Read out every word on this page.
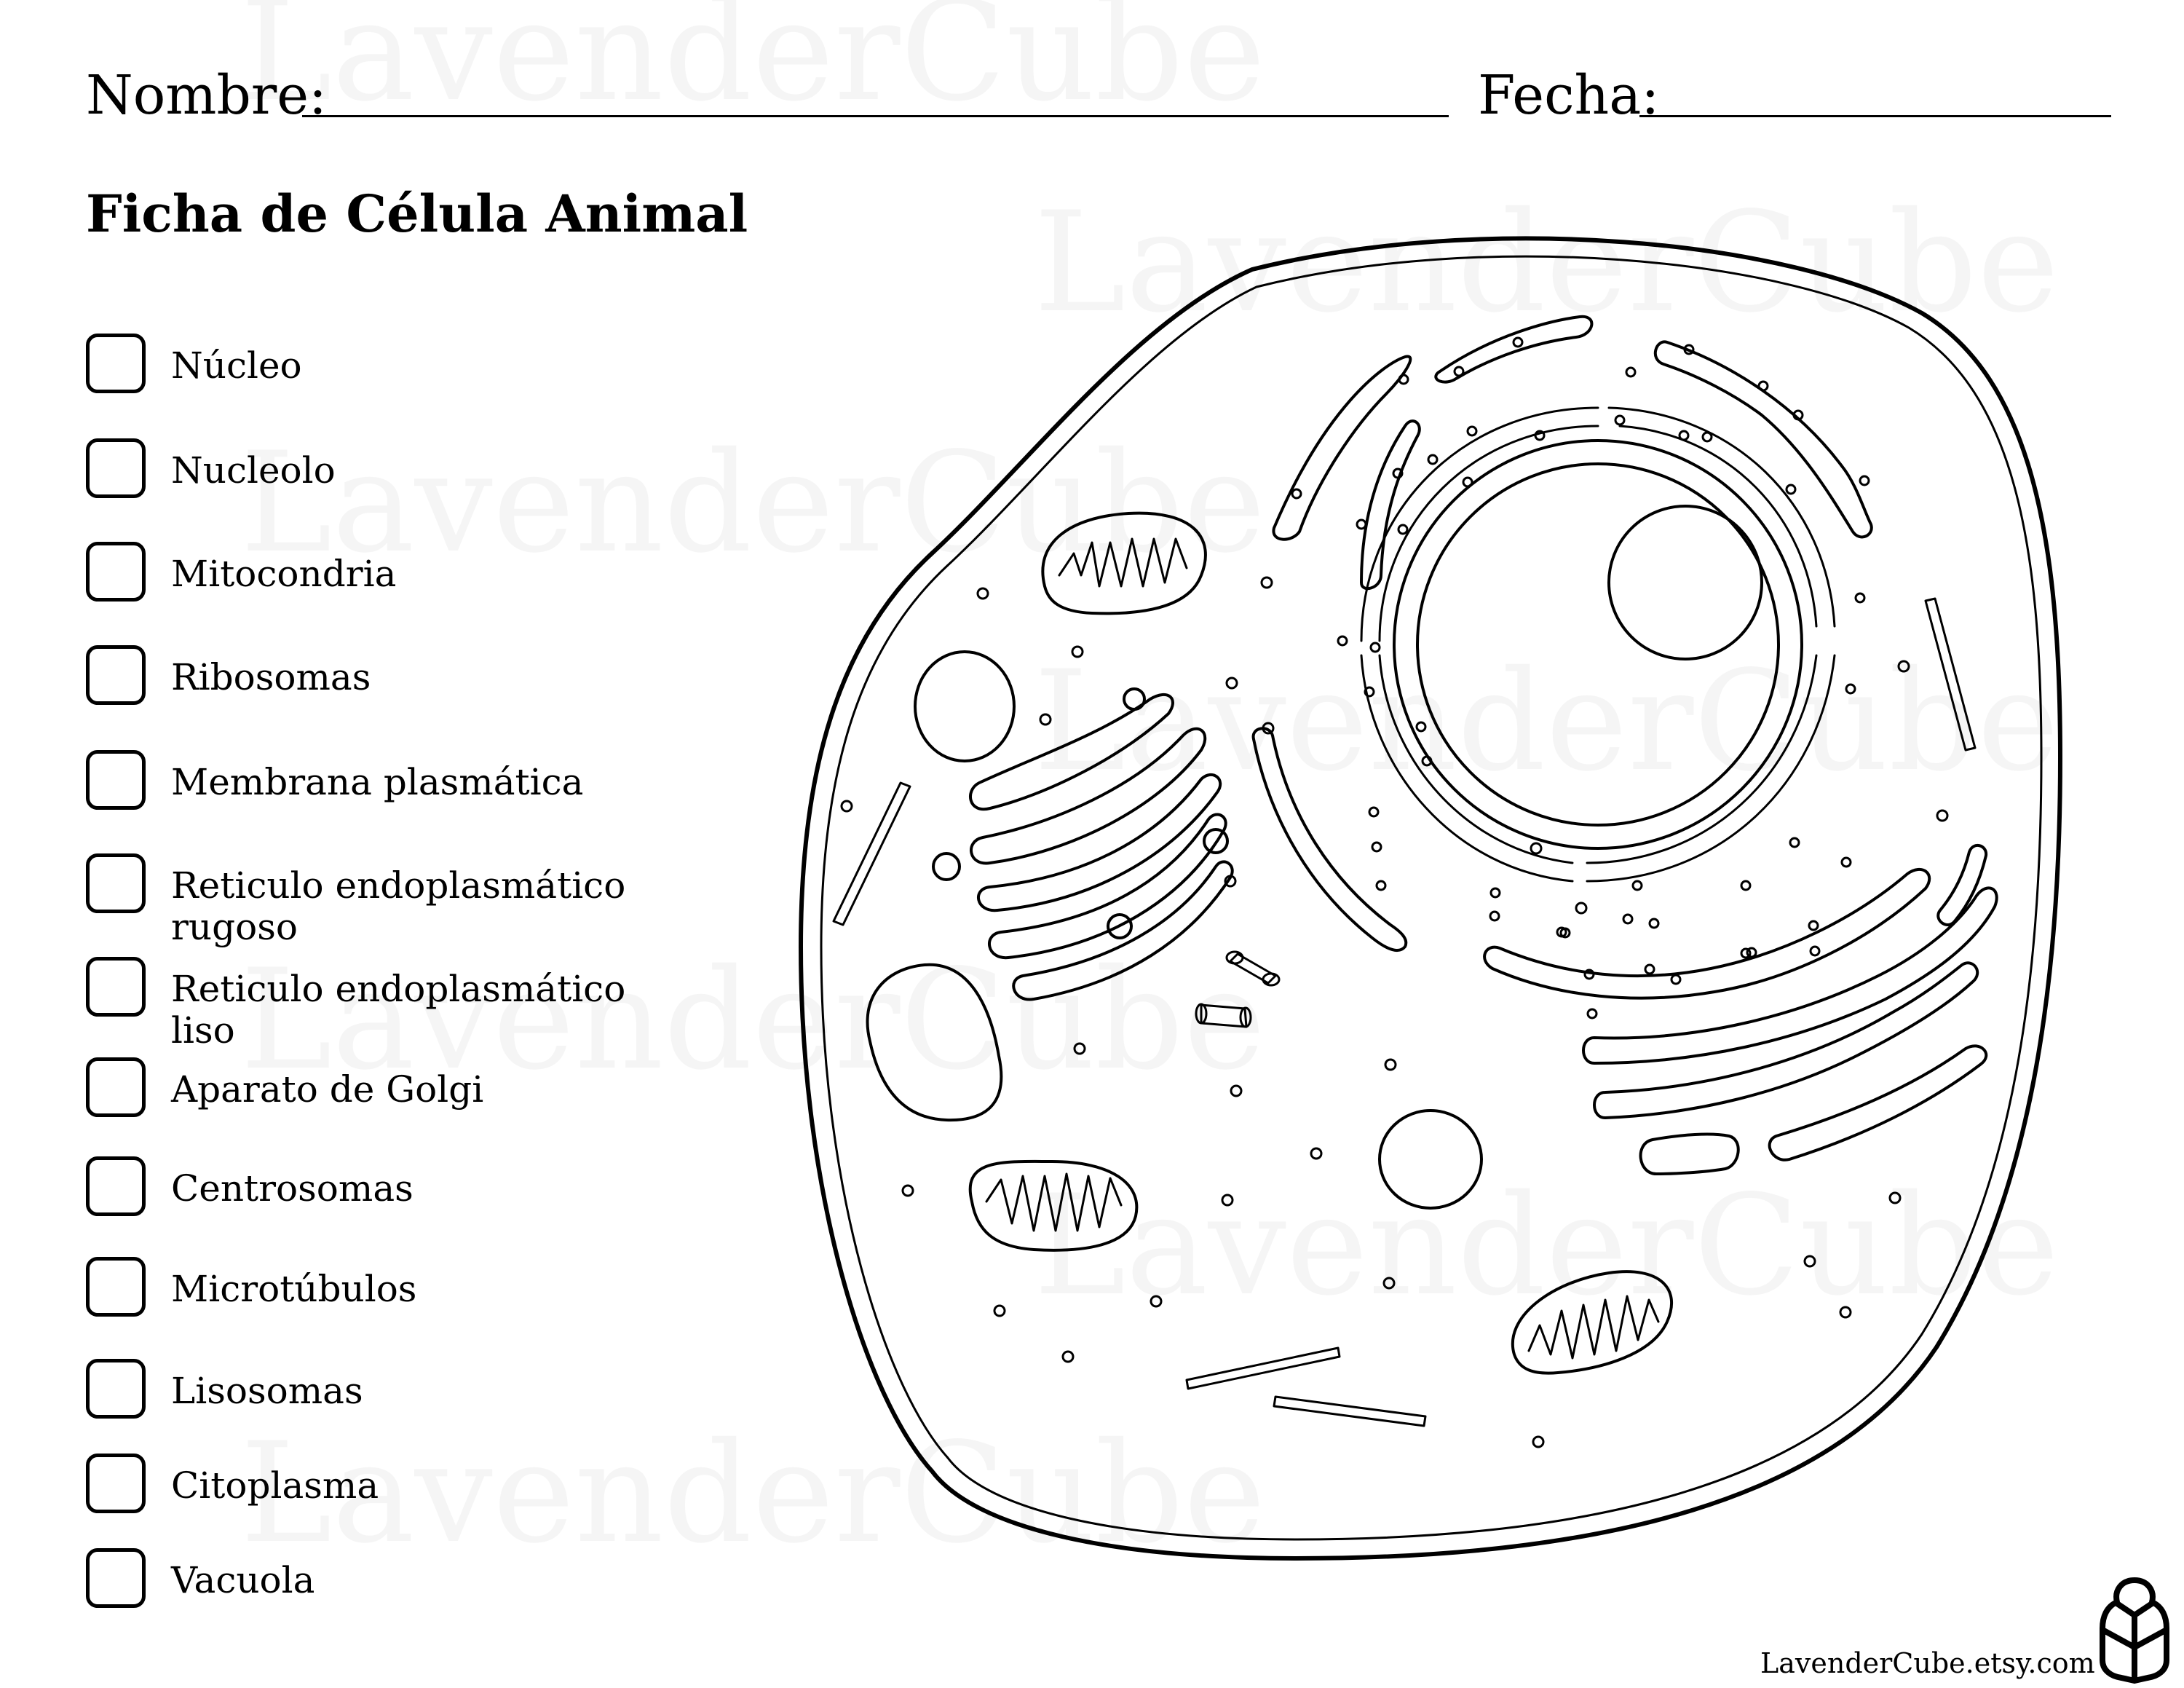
Nombre:	Fecha:
Ficha de Célula Animal
Núcleo
Nucleolo
Mitocondria
Ribosomas
Membrana plasmática
Reticulo endoplasmático rugoso
Reticulo endoplasmático liso
Aparato de Golgi
Centrosomas
Microtúbulos
Lisosomas
Citoplasma
Vacuola
LavenderCube.etsy.com
